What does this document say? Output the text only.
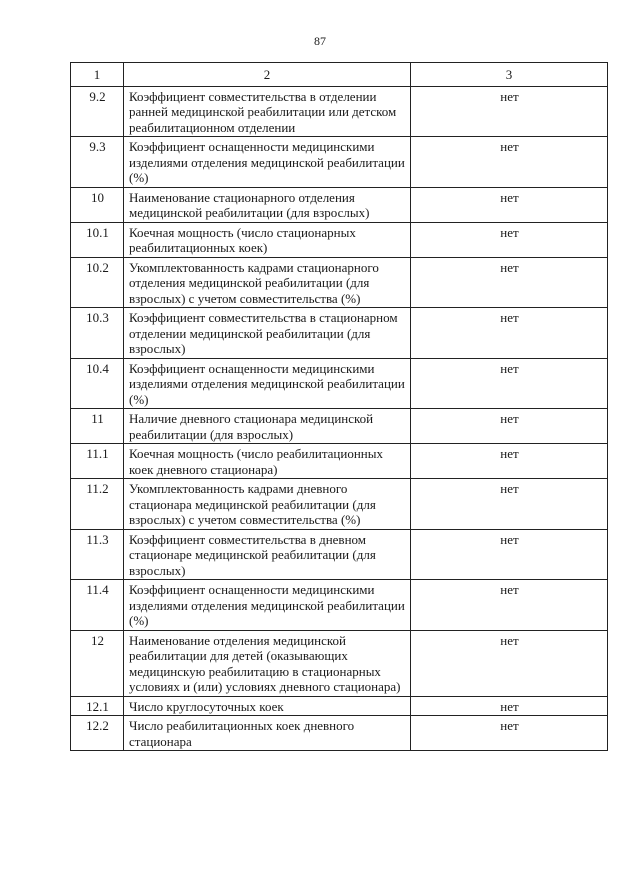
87
1	2	3
9.2	Коэффициент совместительства в отделении ранней медицинской реабилитации или детском реабилитационном отделении	нет
9.3	Коэффициент оснащенности медицинскими изделиями отделения медицинской реабилитации (%)	нет
10	Наименование стационарного отделения медицинской реабилитации (для взрослых)	нет
10.1	Коечная мощность (число стационарных реабилитационных коек)	нет
10.2	Укомплектованность кадрами стационарного отделения медицинской реабилитации (для взрослых) с учетом совместительства (%)	нет
10.3	Коэффициент совместительства в стационарном отделении медицинской реабилитации (для взрослых)	нет
10.4	Коэффициент оснащенности медицинскими изделиями отделения медицинской реабилитации (%)	нет
11	Наличие дневного стационара медицинской реабилитации (для взрослых)	нет
11.1	Коечная мощность (число реабилитационных коек дневного стационара)	нет
11.2	Укомплектованность кадрами дневного стационара медицинской реабилитации (для взрослых) с учетом совместительства (%)	нет
11.3	Коэффициент совместительства в дневном стационаре медицинской реабилитации (для взрослых)	нет
11.4	Коэффициент оснащенности медицинскими изделиями отделения медицинской реабилитации (%)	нет
12	Наименование отделения медицинской реабилитации для детей (оказывающих медицинскую реабилитацию в стационарных условиях и (или) условиях дневного стационара)	нет
12.1	Число круглосуточных коек	нет
12.2	Число реабилитационных коек дневного стационара	нет
